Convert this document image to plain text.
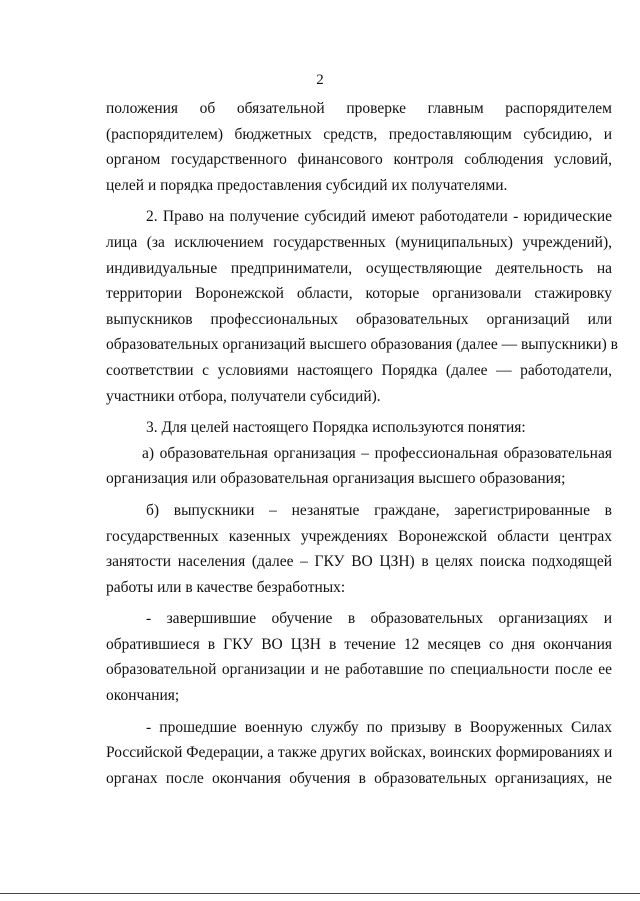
2
положения об обязательной проверке главным распорядителем
(распорядителем) бюджетных средств, предоставляющим субсидию, и
органом государственного финансового контроля соблюдения условий,
целей и порядка предоставления субсидий их получателями.
2. Право на получение субсидий имеют работодатели - юридические
лица (за исключением государственных (муниципальных) учреждений),
индивидуальные предприниматели, осуществляющие деятельность на
территории Воронежской области, которые организовали стажировку
выпускников профессиональных образовательных организаций или
образовательных организаций высшего образования (далее — выпускники) в
соответствии с условиями настоящего Порядка (далее — работодатели,
участники отбора, получатели субсидий).
3. Для целей настоящего Порядка используются понятия:
а) образовательная организация – профессиональная образовательная
организация или образовательная организация высшего образования;
б) выпускники – незанятые граждане, зарегистрированные в
государственных казенных учреждениях Воронежской области центрах
занятости населения (далее – ГКУ ВО ЦЗН) в целях поиска подходящей
работы или в качестве безработных:
- завершившие обучение в образовательных организациях и
обратившиеся в ГКУ ВО ЦЗН в течение 12 месяцев со дня окончания
образовательной организации и не работавшие по специальности после ее
окончания;
- прошедшие военную службу по призыву в Вооруженных Силах
Российской Федерации, а также других войсках, воинских формированиях и
органах после окончания обучения в образовательных организациях, не
